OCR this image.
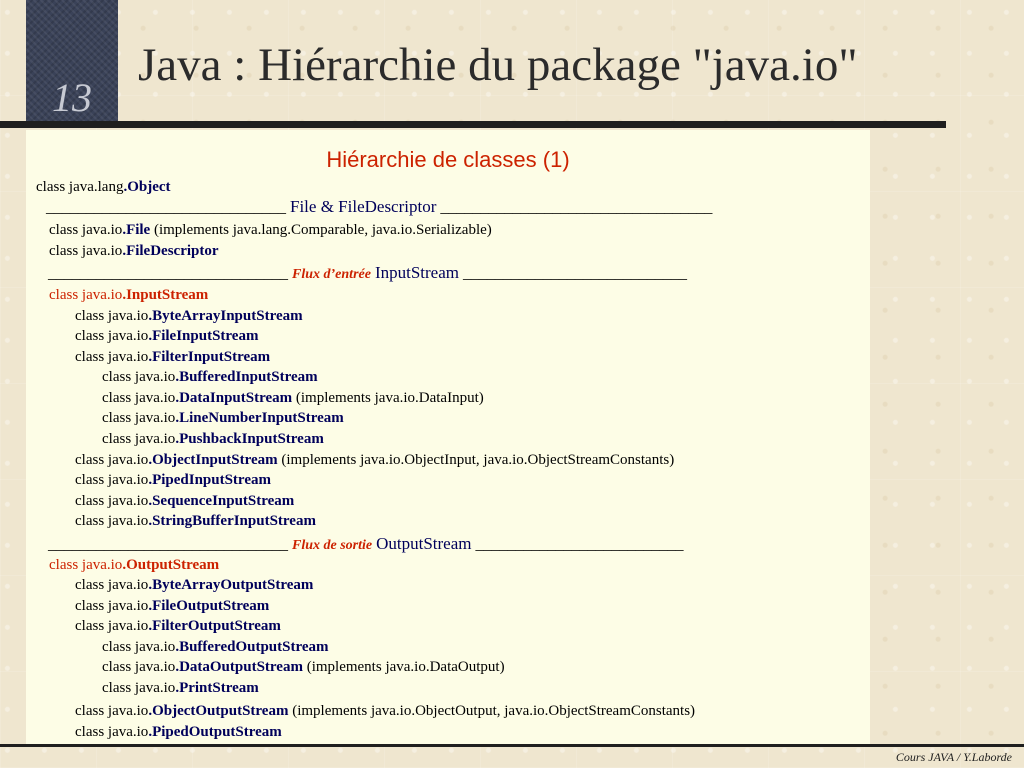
13
Java : Hiérarchie du package "java.io"
Hiérarchie de classes (1)
class java.lang.Object
______________________________ File & FileDescriptor __________________________________
class java.io.File (implements java.lang.Comparable, java.io.Serializable)
class java.io.FileDescriptor
______________________________ Flux d’entrée InputStream ____________________________
class java.io.InputStream
class java.io.ByteArrayInputStream
class java.io.FileInputStream
class java.io.FilterInputStream
class java.io.BufferedInputStream
class java.io.DataInputStream (implements java.io.DataInput)
class java.io.LineNumberInputStream
class java.io.PushbackInputStream
class java.io.ObjectInputStream (implements java.io.ObjectInput, java.io.ObjectStreamConstants)
class java.io.PipedInputStream
class java.io.SequenceInputStream
class java.io.StringBufferInputStream
______________________________ Flux de sortie OutputStream __________________________
class java.io.OutputStream
class java.io.ByteArrayOutputStream
class java.io.FileOutputStream
class java.io.FilterOutputStream
class java.io.BufferedOutputStream
class java.io.DataOutputStream (implements java.io.DataOutput)
class java.io.PrintStream
class java.io.ObjectOutputStream (implements java.io.ObjectOutput, java.io.ObjectStreamConstants)
class java.io.PipedOutputStream
Cours JAVA / Y.Laborde
